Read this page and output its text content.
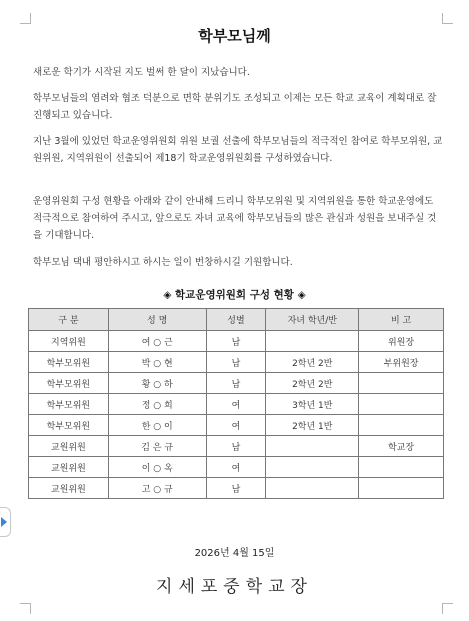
학부모님께
새로운 학기가 시작된 지도 벌써 한 달이 지났습니다.
학부모님들의 염려와 협조 덕분으로 면학 분위기도 조성되고 이제는 모든 학교 교육이 계획대로 잘 진행되고 있습니다.
지난 3월에 있었던 학교운영위원회 위원 보궐 선출에 학부모님들의 적극적인 참여로 학부모위원, 교원위원, 지역위원이 선출되어 제18기 학교운영위원회를 구성하였습니다.
운영위원회 구성 현황을 아래와 같이 안내해 드리니 학부모위원 및 지역위원을 통한 학교운영에도 적극적으로 참여하여 주시고, 앞으로도 자녀 교육에 학부모님들의 많은 관심과 성원을 보내주실 것을 기대합니다.
학부모님 댁내 평안하시고 하시는 일이 번창하시길 기원합니다.
◈ 학교운영위원회 구성 현황 ◈
구 분	성 명	성별	자녀 학년/반	비 고
지역위원	여 ○ 근	남		위원장
학부모위원	박 ○ 현	남	2학년 2반	부위원장
학부모위원	황 ○ 하	남	2학년 2반	
학부모위원	정 ○ 희	여	3학년 1반	
학부모위원	한 ○ 이	여	2학년 1반	
교원위원	김 은 규	남		학교장
교원위원	이 ○ 옥	여		
교원위원	고 ○ 규	남		
2026년 4월 15일
지세포중학교장
